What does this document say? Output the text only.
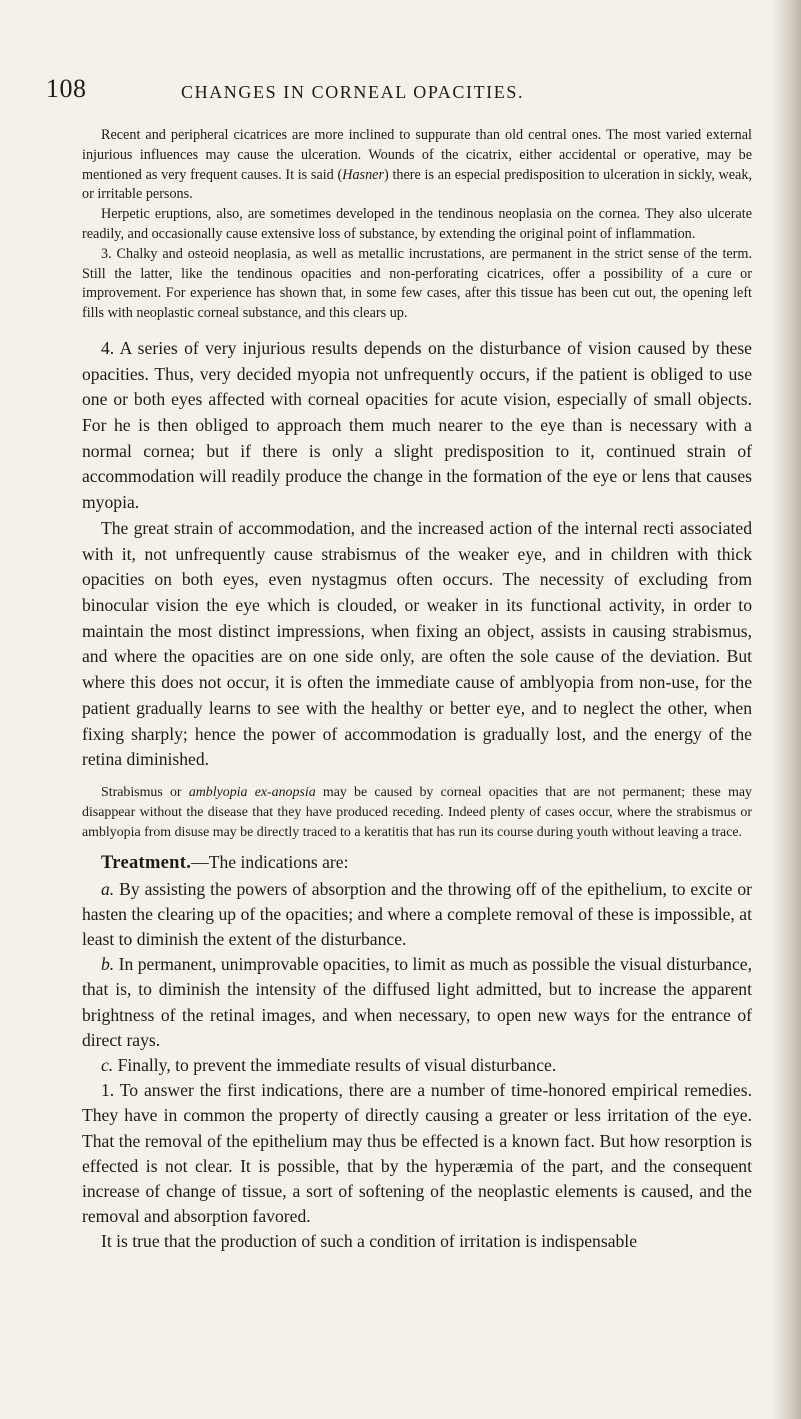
108	CHANGES IN CORNEAL OPACITIES.

Recent and peripheral cicatrices are more inclined to suppurate than old central ones. The most varied external injurious influences may cause the ulceration. Wounds of the cicatrix, either accidental or operative, may be mentioned as very frequent causes. It is said (Hasner) there is an especial predisposition to ulceration in sickly, weak, or irritable persons.

Herpetic eruptions, also, are sometimes developed in the tendinous neoplasia on the cornea. They also ulcerate readily, and occasionally cause extensive loss of substance, by extending the original point of inflammation.

3. Chalky and osteoid neoplasia, as well as metallic incrustations, are permanent in the strict sense of the term. Still the latter, like the tendinous opacities and non-perforating cicatrices, offer a possibility of a cure or improvement. For experience has shown that, in some few cases, after this tissue has been cut out, the opening left fills with neoplastic corneal substance, and this clears up.

4. A series of very injurious results depends on the disturbance of vision caused by these opacities. Thus, very decided myopia not unfrequently occurs, if the patient is obliged to use one or both eyes affected with corneal opacities for acute vision, especially of small objects. For he is then obliged to approach them much nearer to the eye than is necessary with a normal cornea; but if there is only a slight predisposition to it, continued strain of accommodation will readily produce the change in the formation of the eye or lens that causes myopia.

The great strain of accommodation, and the increased action of the internal recti associated with it, not unfrequently cause strabismus of the weaker eye, and in children with thick opacities on both eyes, even nystagmus often occurs. The necessity of excluding from binocular vision the eye which is clouded, or weaker in its functional activity, in order to maintain the most distinct impressions, when fixing an object, assists in causing strabismus, and where the opacities are on one side only, are often the sole cause of the deviation. But where this does not occur, it is often the immediate cause of amblyopia from non-use, for the patient gradually learns to see with the healthy or better eye, and to neglect the other, when fixing sharply; hence the power of accommodation is gradually lost, and the energy of the retina diminished.

Strabismus or amblyopia ex-anopsia may be caused by corneal opacities that are not permanent; these may disappear without the disease that they have produced receding. Indeed plenty of cases occur, where the strabismus or amblyopia from disuse may be directly traced to a keratitis that has run its course during youth without leaving a trace.

Treatment.—The indications are:

a. By assisting the powers of absorption and the throwing off of the epithelium, to excite or hasten the clearing up of the opacities; and where a complete removal of these is impossible, at least to diminish the extent of the disturbance.

b. In permanent, unimprovable opacities, to limit as much as possible the visual disturbance, that is, to diminish the intensity of the diffused light admitted, but to increase the apparent brightness of the retinal images, and when necessary, to open new ways for the entrance of direct rays.

c. Finally, to prevent the immediate results of visual disturbance.

1. To answer the first indications, there are a number of time-honored empirical remedies. They have in common the property of directly causing a greater or less irritation of the eye. That the removal of the epithelium may thus be effected is a known fact. But how resorption is effected is not clear. It is possible, that by the hyperæmia of the part, and the consequent increase of change of tissue, a sort of softening of the neoplastic elements is caused, and the removal and absorption favored.

It is true that the production of such a condition of irritation is indispensable
